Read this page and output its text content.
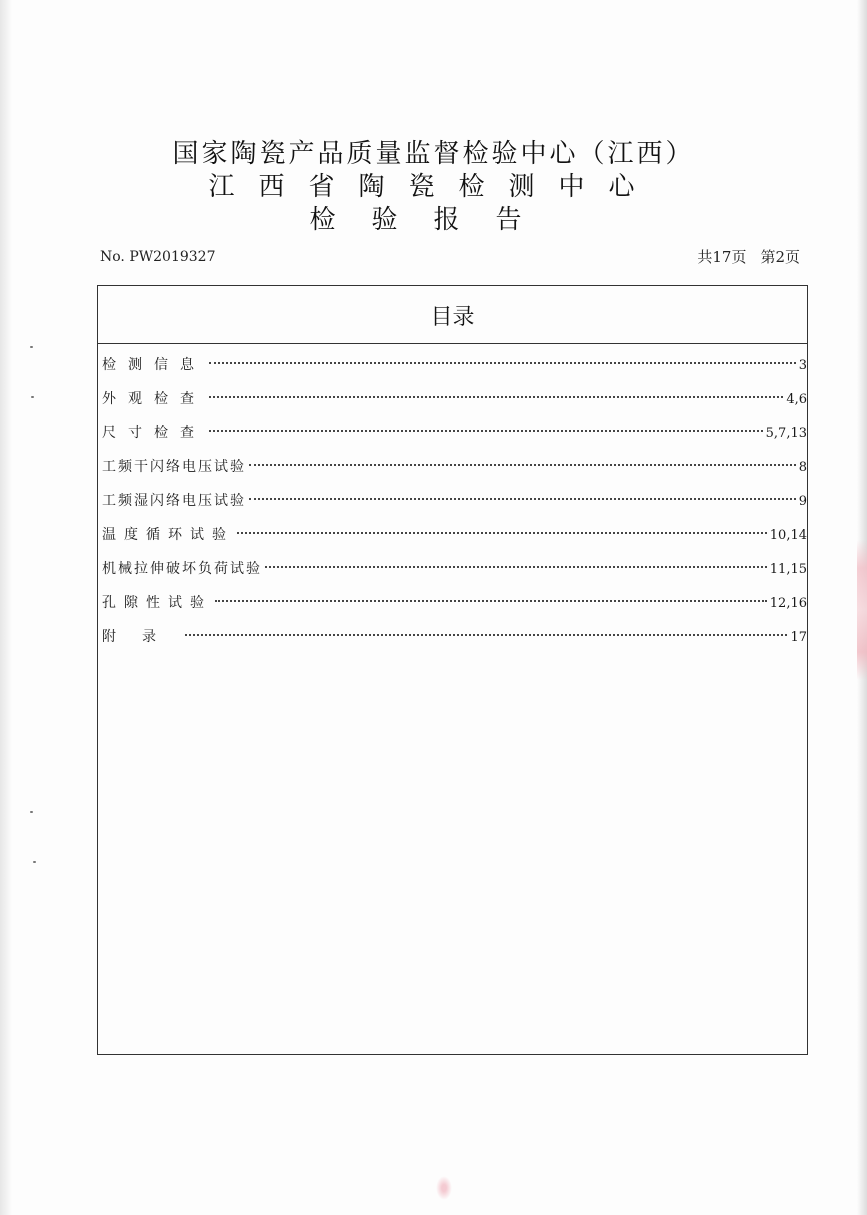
国家陶瓷产品质量监督检验中心（江西）
江西省陶瓷检测中心
检验报告
No. PW2019327	共17页 第2页
目录
检测信息	3
外观检查	4,6
尺寸检查	5,7,13
工频干闪络电压试验	8
工频湿闪络电压试验	9
温度循环试验	10,14
机械拉伸破坏负荷试验	11,15
孔隙性试验	12,16
附录	17
